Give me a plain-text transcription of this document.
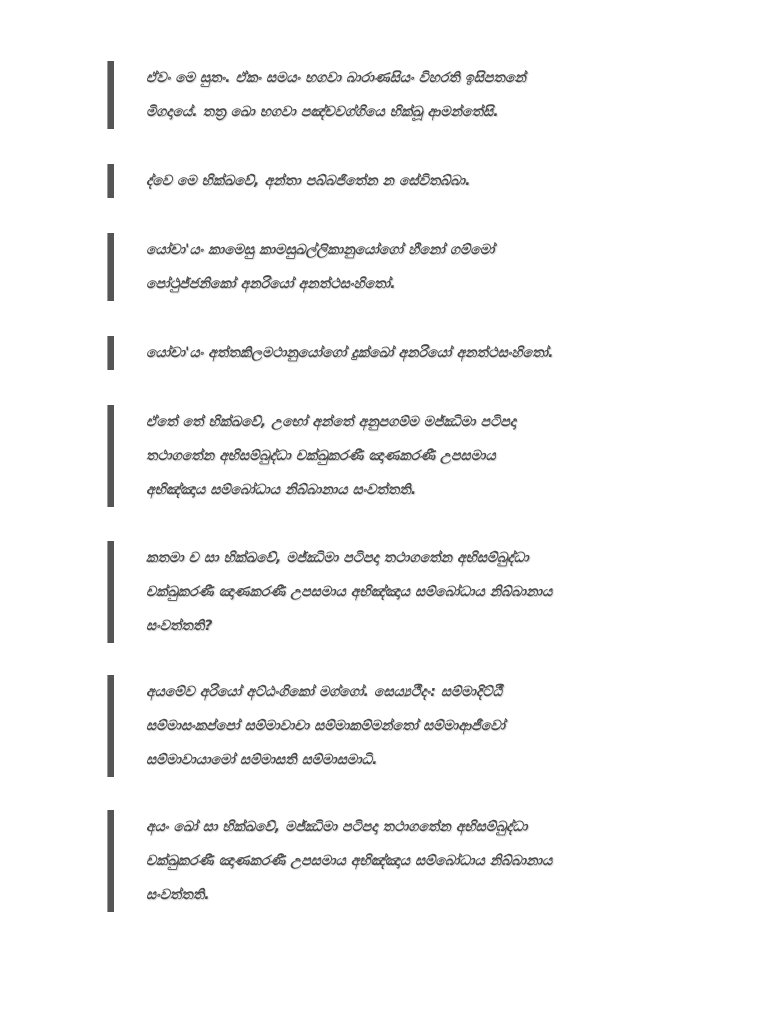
ඒවං මෙ සුතං. ඒකං සමයං භගවා බාරාණසියං විහරති ඉසිපතනේ

මිගදායේ. තත්‍ර ඛො භගවා පඤ්චවග්ගියෙ භික්ඛූ ආමන්තේසි.

ද්වෙ මෙ භික්ඛවේ, අන්තා පබ්බජිතේන න සේවිතබ්බා.

යෝචා'යං කාමෙසු කාමසුඛල්ලිකානුයෝගෝ හීනෝ ගම්මෝ

පෝථුජ්ජනිකෝ අනරියෝ අනත්ථසංහිතෝ.

යෝචා'යං අත්තකිලමථානුයෝගෝ දුක්ඛෝ අනරියෝ අනත්ථසංහිතෝ.

ඒතේ තේ භික්ඛවේ, උභෝ අන්තේ අනුපගම්ම මජ්ඣිමා පටිපදා

තථාගතේන අභිසම්බුද්ධා චක්ඛුකරණී ඤාණකරණී උපසමාය

අභිඤ්ඤාය සම්බෝධාය නිබ්බානාය සංවත්තති.

කතමා ච සා භික්ඛවේ, මජ්ඣිමා පටිපදා තථාගතේන අභිසම්බුද්ධා

චක්ඛුකරණී ඤාණකරණී උපසමාය අභිඤ්ඤාය සම්බෝධාය නිබ්බානාය

සංවත්තති?

අයමේව අරියෝ අට්ඨංගිකෝ මග්ගෝ. සෙය්‍යථීදං: සම්මාදිට්ඨී

සම්මාසංකප්පෝ සම්මාවාචා සම්මාකම්මන්තෝ සම්මාආජීවෝ

සම්මාවායාමෝ සම්මාසති සම්මාසමාධි.

අයං ඛෝ සා භික්ඛවේ, මජ්ඣිමා පටිපදා තථාගතේන අභිසම්බුද්ධා

චක්ඛුකරණී ඤාණකරණී උපසමාය අභිඤ්ඤාය සම්බෝධාය නිබ්බානාය

සංවත්තති.
